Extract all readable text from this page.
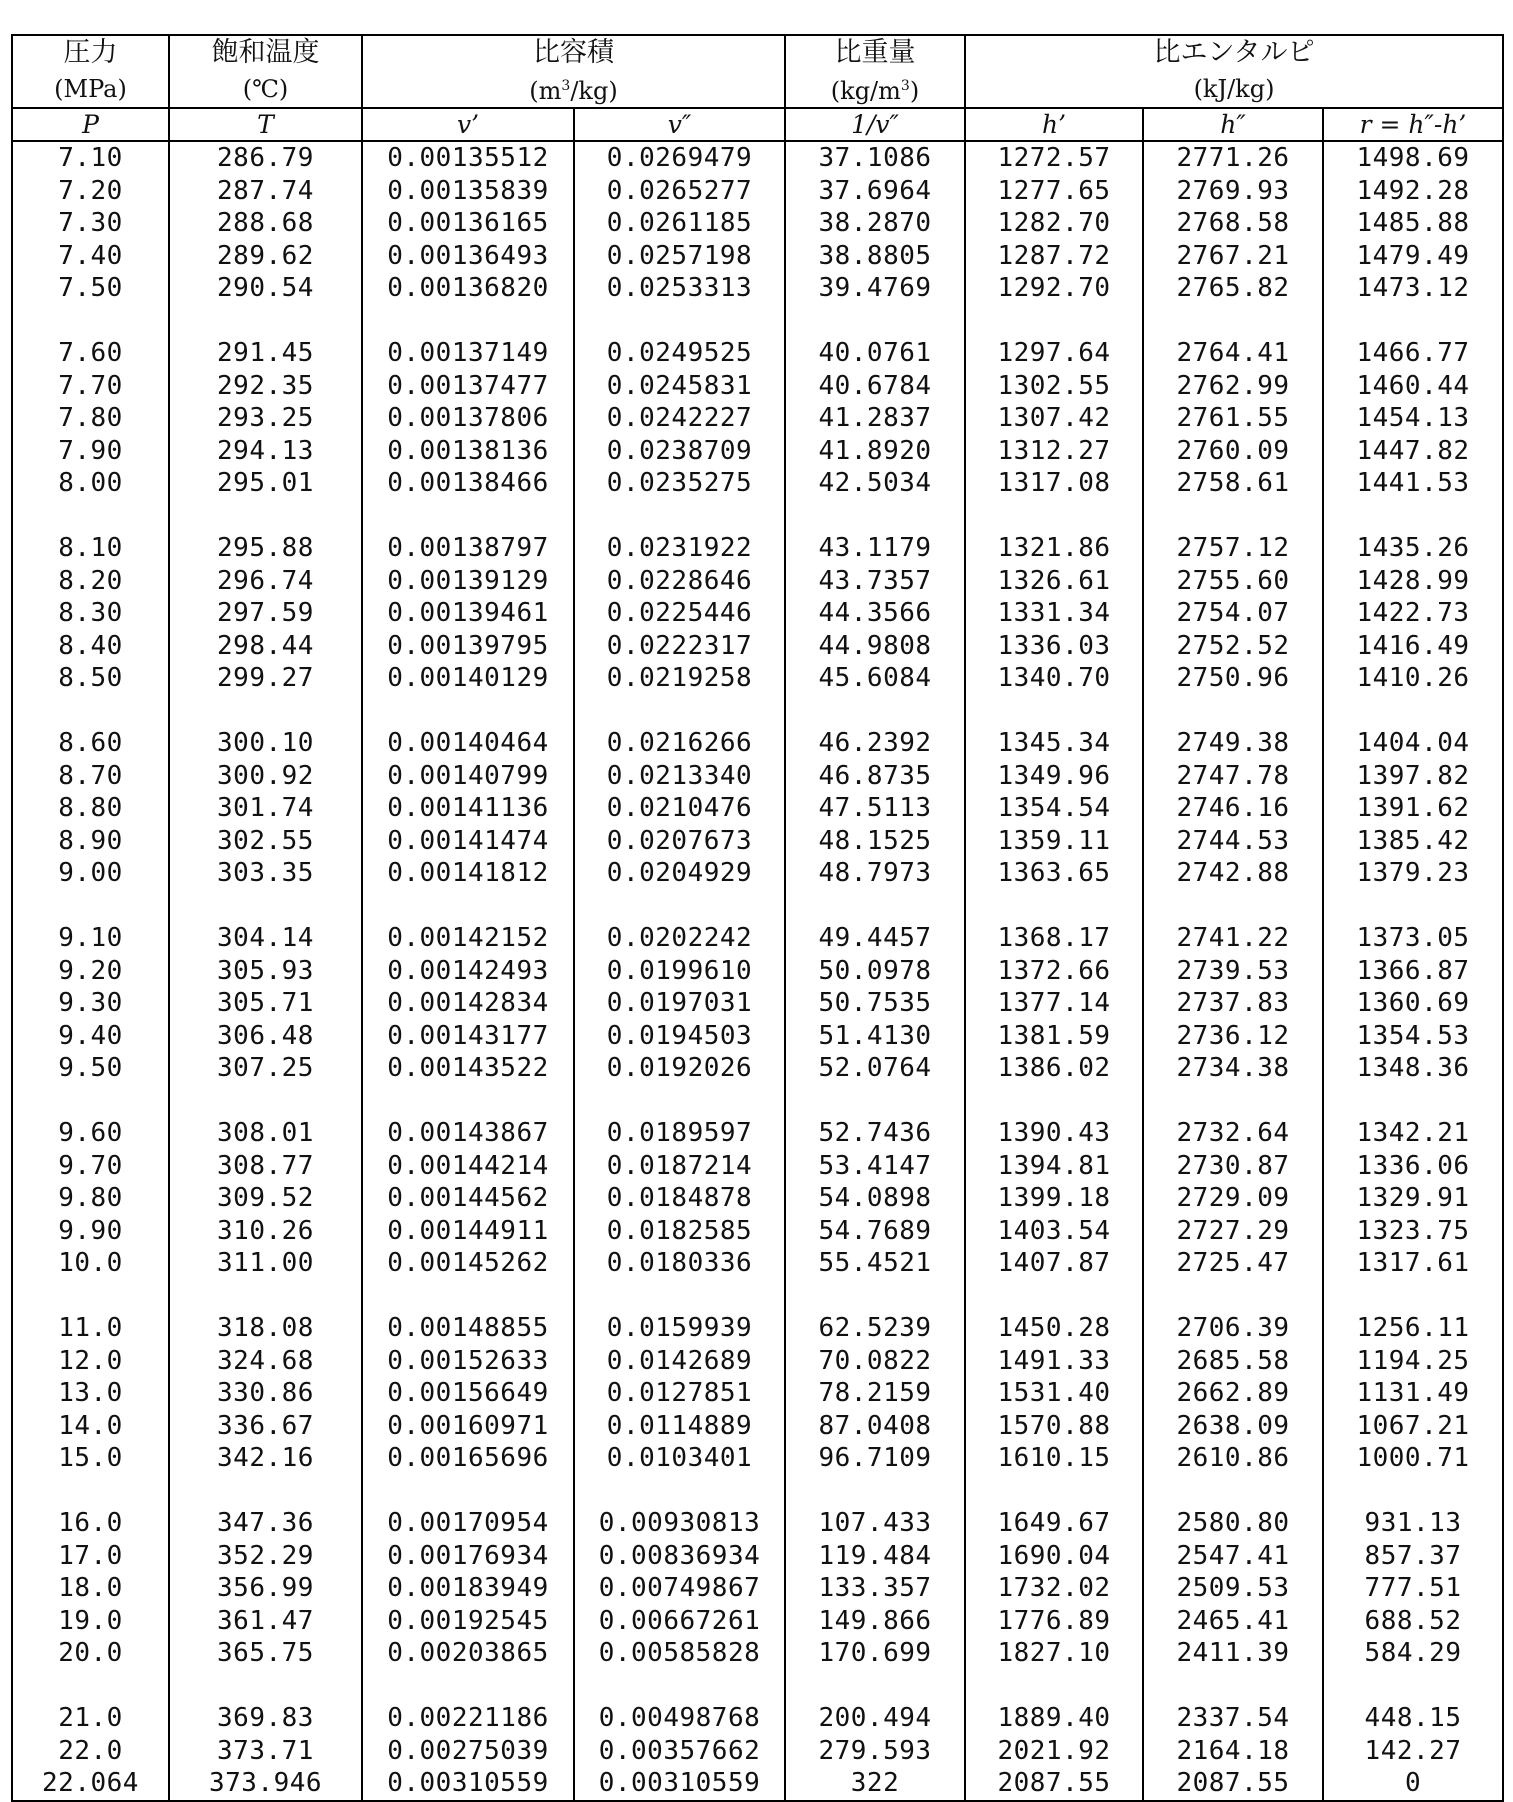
圧力	飽和温度	比容積		比重量	比エンタルピ		
(MPa)	(℃)	$(m^3/kg)$		$(kg/m^3)$	(kJ/kg)		
P	T	v’	v″	1/v″	h’	h″	r = h″-h’
7.10	286.79	0.00135512	0.0269479	37.1086	1272.57	2771.26	1498.69
7.20	287.74	0.00135839	0.0265277	37.6964	1277.65	2769.93	1492.28
7.30	288.68	0.00136165	0.0261185	38.2870	1282.70	2768.58	1485.88
7.40	289.62	0.00136493	0.0257198	38.8805	1287.72	2767.21	1479.49
7.50	290.54	0.00136820	0.0253313	39.4769	1292.70	2765.82	1473.12

7.60	291.45	0.00137149	0.0249525	40.0761	1297.64	2764.41	1466.77
7.70	292.35	0.00137477	0.0245831	40.6784	1302.55	2762.99	1460.44
7.80	293.25	0.00137806	0.0242227	41.2837	1307.42	2761.55	1454.13
7.90	294.13	0.00138136	0.0238709	41.8920	1312.27	2760.09	1447.82
8.00	295.01	0.00138466	0.0235275	42.5034	1317.08	2758.61	1441.53

8.10	295.88	0.00138797	0.0231922	43.1179	1321.86	2757.12	1435.26
8.20	296.74	0.00139129	0.0228646	43.7357	1326.61	2755.60	1428.99
8.30	297.59	0.00139461	0.0225446	44.3566	1331.34	2754.07	1422.73
8.40	298.44	0.00139795	0.0222317	44.9808	1336.03	2752.52	1416.49
8.50	299.27	0.00140129	0.0219258	45.6084	1340.70	2750.96	1410.26

8.60	300.10	0.00140464	0.0216266	46.2392	1345.34	2749.38	1404.04
8.70	300.92	0.00140799	0.0213340	46.8735	1349.96	2747.78	1397.82
8.80	301.74	0.00141136	0.0210476	47.5113	1354.54	2746.16	1391.62
8.90	302.55	0.00141474	0.0207673	48.1525	1359.11	2744.53	1385.42
9.00	303.35	0.00141812	0.0204929	48.7973	1363.65	2742.88	1379.23

9.10	304.14	0.00142152	0.0202242	49.4457	1368.17	2741.22	1373.05
9.20	305.93	0.00142493	0.0199610	50.0978	1372.66	2739.53	1366.87
9.30	305.71	0.00142834	0.0197031	50.7535	1377.14	2737.83	1360.69
9.40	306.48	0.00143177	0.0194503	51.4130	1381.59	2736.12	1354.53
9.50	307.25	0.00143522	0.0192026	52.0764	1386.02	2734.38	1348.36

9.60	308.01	0.00143867	0.0189597	52.7436	1390.43	2732.64	1342.21
9.70	308.77	0.00144214	0.0187214	53.4147	1394.81	2730.87	1336.06
9.80	309.52	0.00144562	0.0184878	54.0898	1399.18	2729.09	1329.91
9.90	310.26	0.00144911	0.0182585	54.7689	1403.54	2727.29	1323.75
10.0	311.00	0.00145262	0.0180336	55.4521	1407.87	2725.47	1317.61

11.0	318.08	0.00148855	0.0159939	62.5239	1450.28	2706.39	1256.11
12.0	324.68	0.00152633	0.0142689	70.0822	1491.33	2685.58	1194.25
13.0	330.86	0.00156649	0.0127851	78.2159	1531.40	2662.89	1131.49
14.0	336.67	0.00160971	0.0114889	87.0408	1570.88	2638.09	1067.21
15.0	342.16	0.00165696	0.0103401	96.7109	1610.15	2610.86	1000.71

16.0	347.36	0.00170954	0.00930813	107.433	1649.67	2580.80	931.13
17.0	352.29	0.00176934	0.00836934	119.484	1690.04	2547.41	857.37
18.0	356.99	0.00183949	0.00749867	133.357	1732.02	2509.53	777.51
19.0	361.47	0.00192545	0.00667261	149.866	1776.89	2465.41	688.52
20.0	365.75	0.00203865	0.00585828	170.699	1827.10	2411.39	584.29

21.0	369.83	0.00221186	0.00498768	200.494	1889.40	2337.54	448.15
22.0	373.71	0.00275039	0.00357662	279.593	2021.92	2164.18	142.27
22.064	373.946	0.00310559	0.00310559	322	2087.55	2087.55	0
